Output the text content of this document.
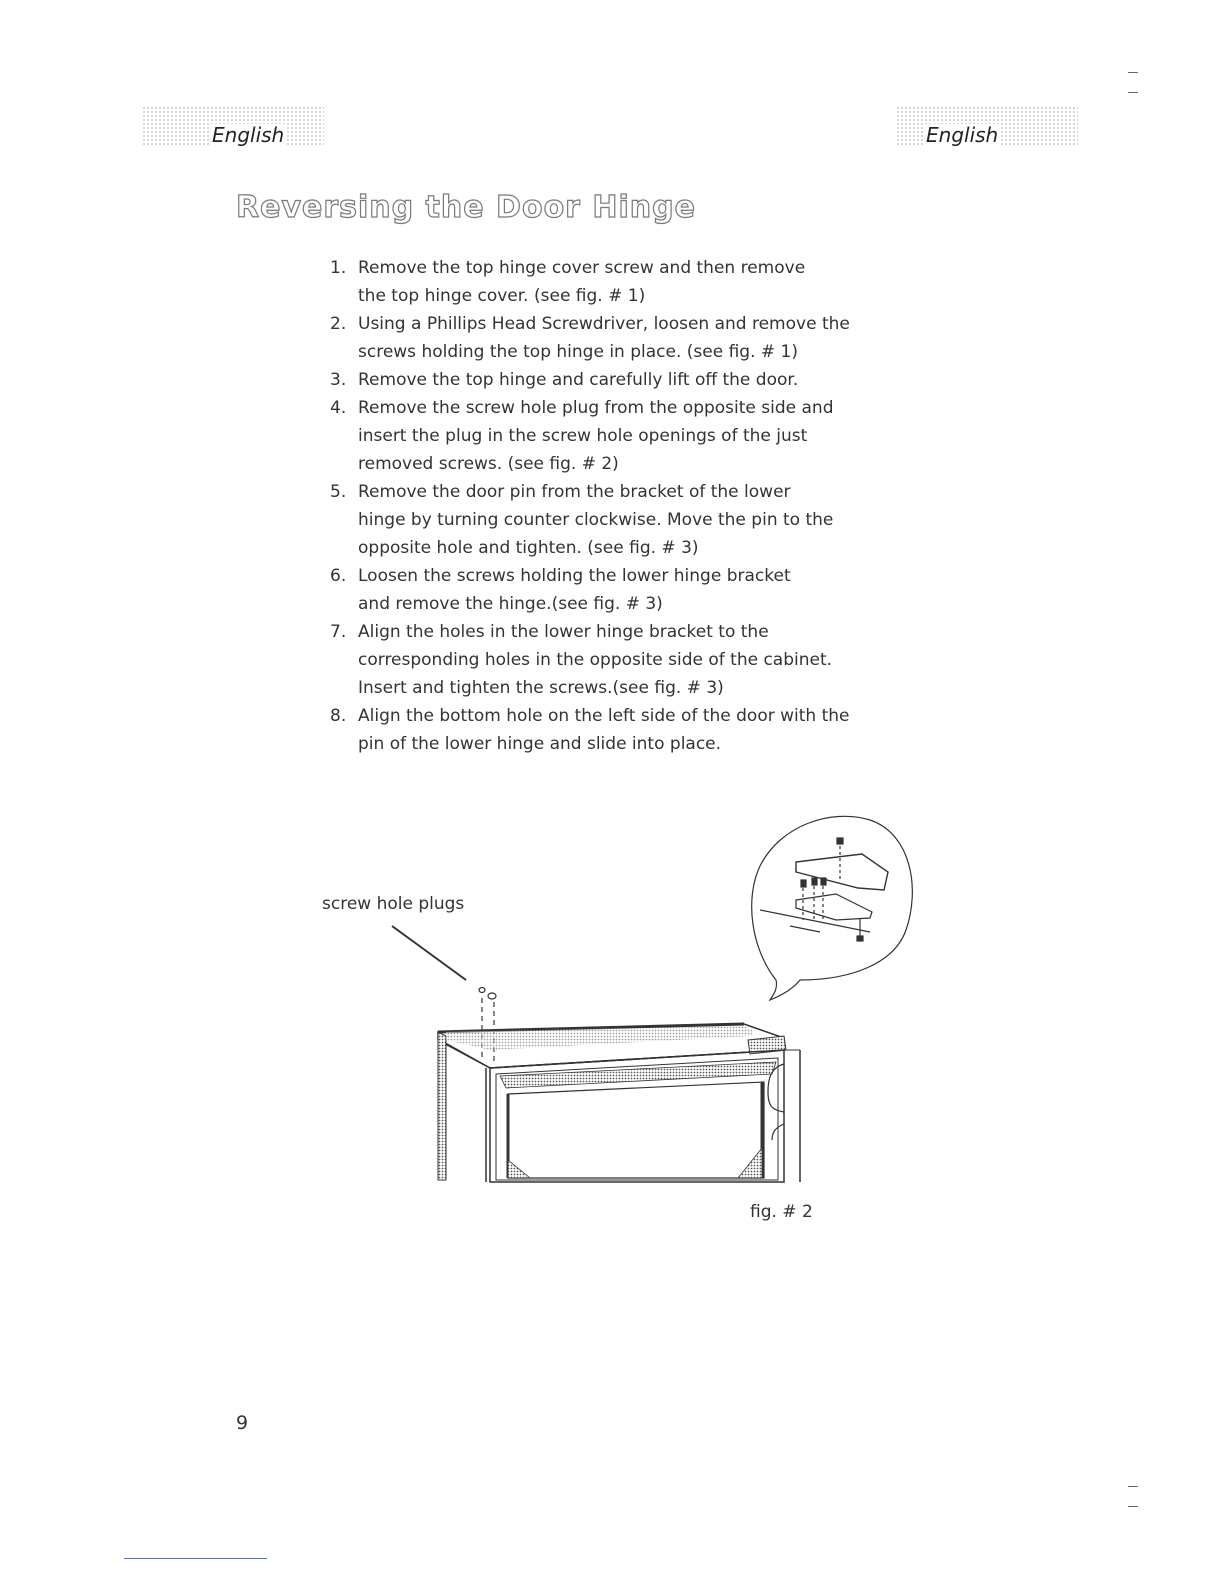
English	English
Reversing the Door Hinge
1. Remove the top hinge cover screw and then remove
the top hinge cover. (see fig. # 1)
2. Using a Phillips Head Screwdriver, loosen and remove the
screws holding the top hinge in place. (see fig. # 1)
3. Remove the top hinge and carefully lift off the door.
4. Remove the screw hole plug from the opposite side and
insert the plug in the screw hole openings of the just
removed screws. (see fig. # 2)
5. Remove the door pin from the bracket of the lower
hinge by turning counter clockwise. Move the pin to the
opposite hole and tighten. (see fig. # 3)
6. Loosen the screws holding the lower hinge bracket
and remove the hinge.(see fig. # 3)
7. Align the holes in the lower hinge bracket to the
corresponding holes in the opposite side of the cabinet.
Insert and tighten the screws.(see fig. # 3)
8. Align the bottom hole on the left side of the door with the
pin of the lower hinge and slide into place.
screw hole plugs
fig. # 2
9
